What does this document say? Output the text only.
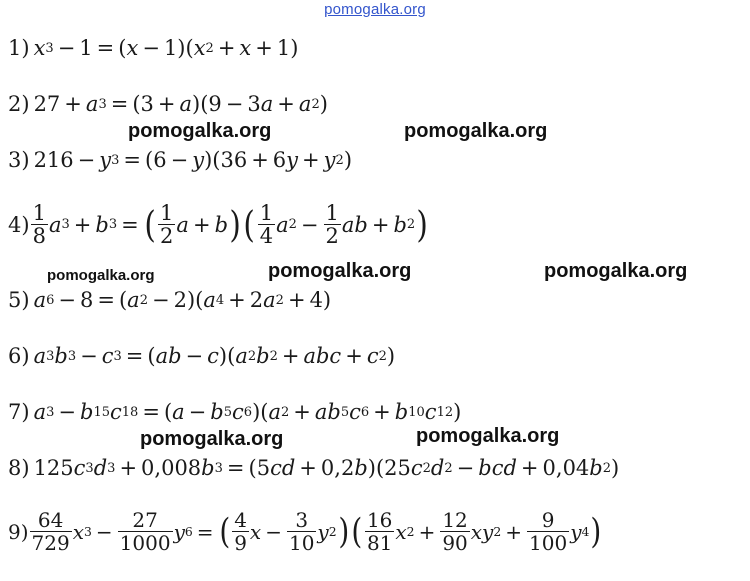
pomogalka.org
pomogalka.org	pomogalka.org
pomogalka.org	pomogalka.org	pomogalka.org
pomogalka.org	pomogalka.org
1) x 3 − 1 = ( x − 1)( x 2 + x + 1)
2) 27 + a 3 = (3 + a )(9 − 3 a + a 2 )
3) 216 − y 3 = (6 − y )(36 + 6 y + y 2 )
$4) \frac{1}{8}$ a 3 + b 3 = ( $\frac{1}{2}$ a + b ) ( $\frac{1}{4}$ a $2 - \frac{1}{2}$ ab + b 2 )
5) a 6 − 8 = ( a 2 − 2)( a 4 + 2 a 2 + 4)
6) a 3 b 3 − c 3 = ( ab − c )( a 2 b 2 + abc + c 2 )
7) a 3 − b 15 c 18 = ( a − b 5 c 6 )( a 2 + ab 5 c 6 + b 10 c 12 )
8) 125 c 3 d 3 + 0,008 b 3 = (5 cd + 0,2 b )(25 c 2 d 2 − bcd + 0,04 b 2 )
$9) \frac{64}{729}$ x $3 - \frac{27}{1000}$ y 6 = ( $\frac{4}{9}$ $x - \frac{3}{10}$ y 2 ) ( $\frac{16}{81}$ x $2 + \frac{12}{90}$ xy $2 + \frac{9}{100}$ y 4 )
